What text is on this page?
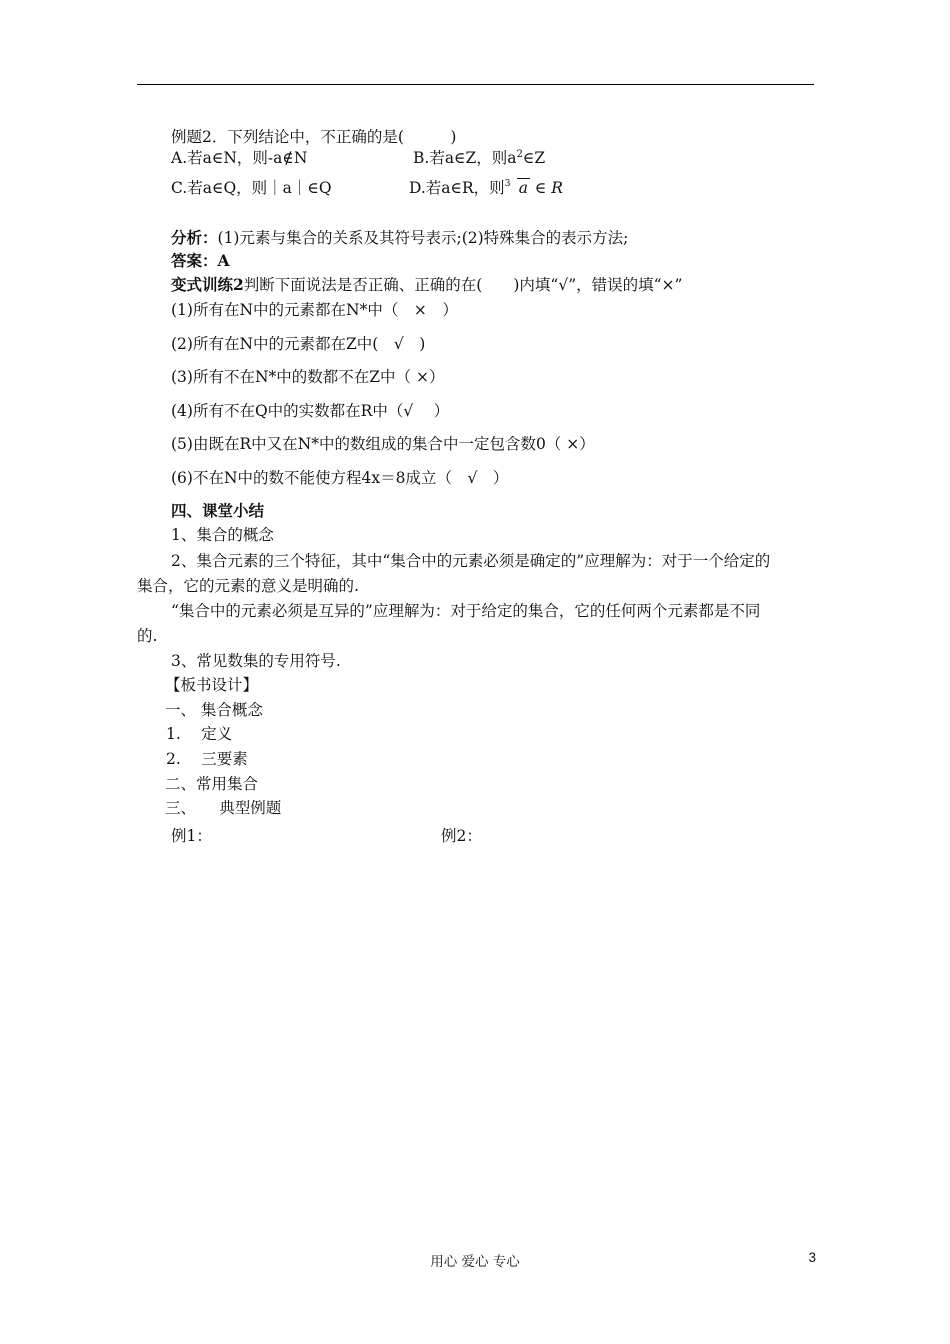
例题2．下列结论中，不正确的是(　　　)
A.若a∈N，则-a∉N	B.若a∈Z，则$a^2\in Z$
C.若a∈Q，则｜a｜∈Q	D.若a∈R，则 3 a ∈ R
分析：(1)元素与集合的关系及其符号表示;(2)特殊集合的表示方法;
答案：A
变式训练2判断下面说法是否正确、正确的在(　　)内填“√”，错误的填“×”
(1)所有在N中的元素都在N*中（　×　）
(2)所有在N中的元素都在Z中(　√　)
(3)所有不在N*中的数都不在Z中（ ×）
(4)所有不在Q中的实数都在R中（√　 ）
(5)由既在R中又在N*中的数组成的集合中一定包含数0（ ×）
(6)不在N中的数不能使方程4x＝8成立（　√　）
四、课堂小结
1、集合的概念
2、集合元素的三个特征，其中“集合中的元素必须是确定的”应理解为：对于一个给定的
集合，它的元素的意义是明确的.
“集合中的元素必须是互异的”应理解为：对于给定的集合，它的任何两个元素都是不同
的.
3、常见数集的专用符号.
【板书设计】
一、 集合概念
1.　 定义
2.　 三要素
二、常用集合
三、　　典型例题
例1：	例2：
用心 爱心 专心	3
